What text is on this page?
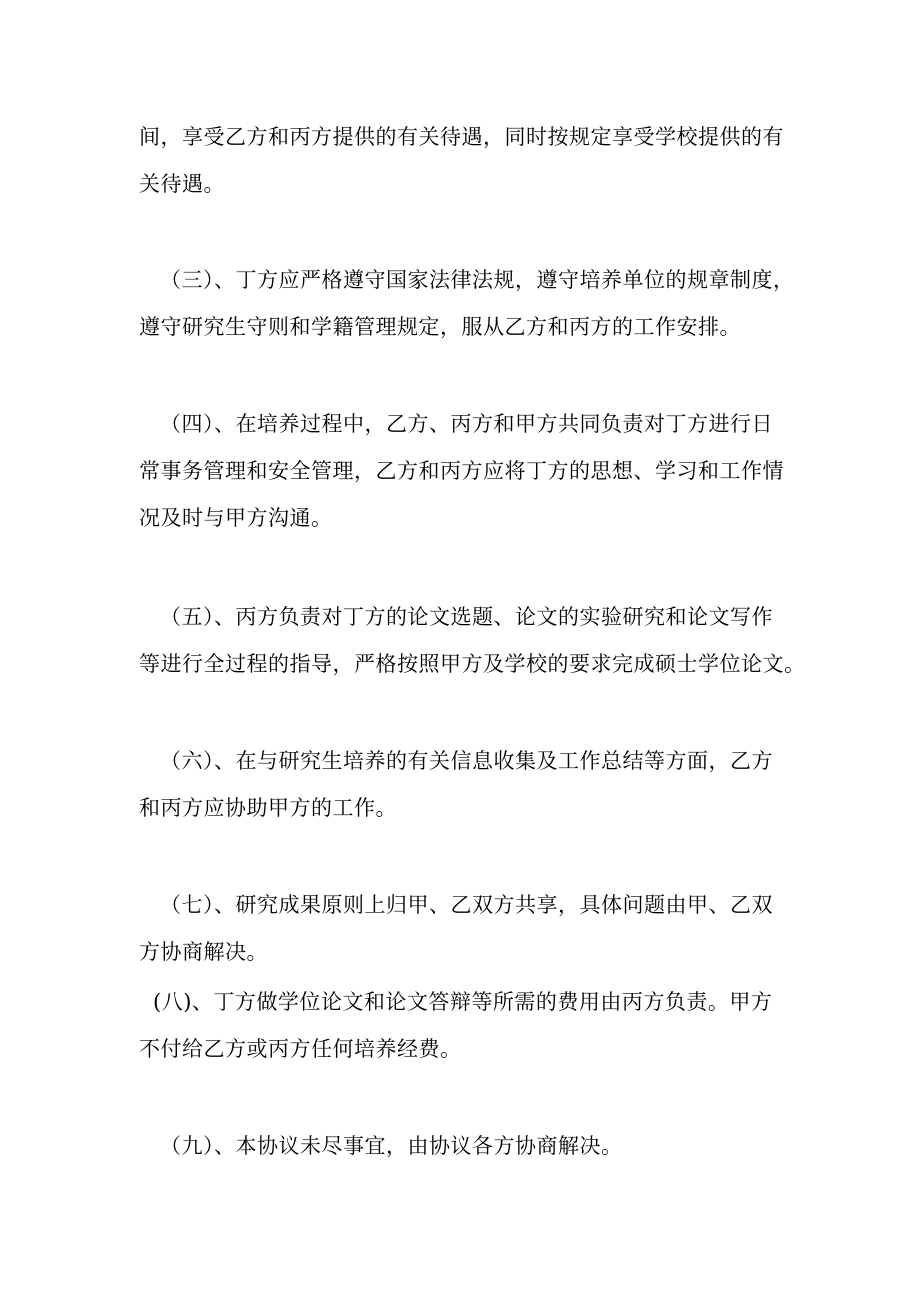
间，享受乙方和丙方提供的有关待遇，同时按规定享受学校提供的有
关待遇。

（三）、丁方应严格遵守国家法律法规，遵守培养单位的规章制度，
遵守研究生守则和学籍管理规定，服从乙方和丙方的工作安排。

（四）、在培养过程中，乙方、丙方和甲方共同负责对丁方进行日
常事务管理和安全管理，乙方和丙方应将丁方的思想、学习和工作情
况及时与甲方沟通。

（五）、丙方负责对丁方的论文选题、论文的实验研究和论文写作
等进行全过程的指导，严格按照甲方及学校的要求完成硕士学位论文。

（六）、在与研究生培养的有关信息收集及工作总结等方面，乙方
和丙方应协助甲方的工作。

（七）、研究成果原则上归甲、乙双方共享，具体问题由甲、乙双
方协商解决。

(八)、丁方做学位论文和论文答辩等所需的费用由丙方负责。甲方
不付给乙方或丙方任何培养经费。

（九）、本协议未尽事宜，由协议各方协商解决。
